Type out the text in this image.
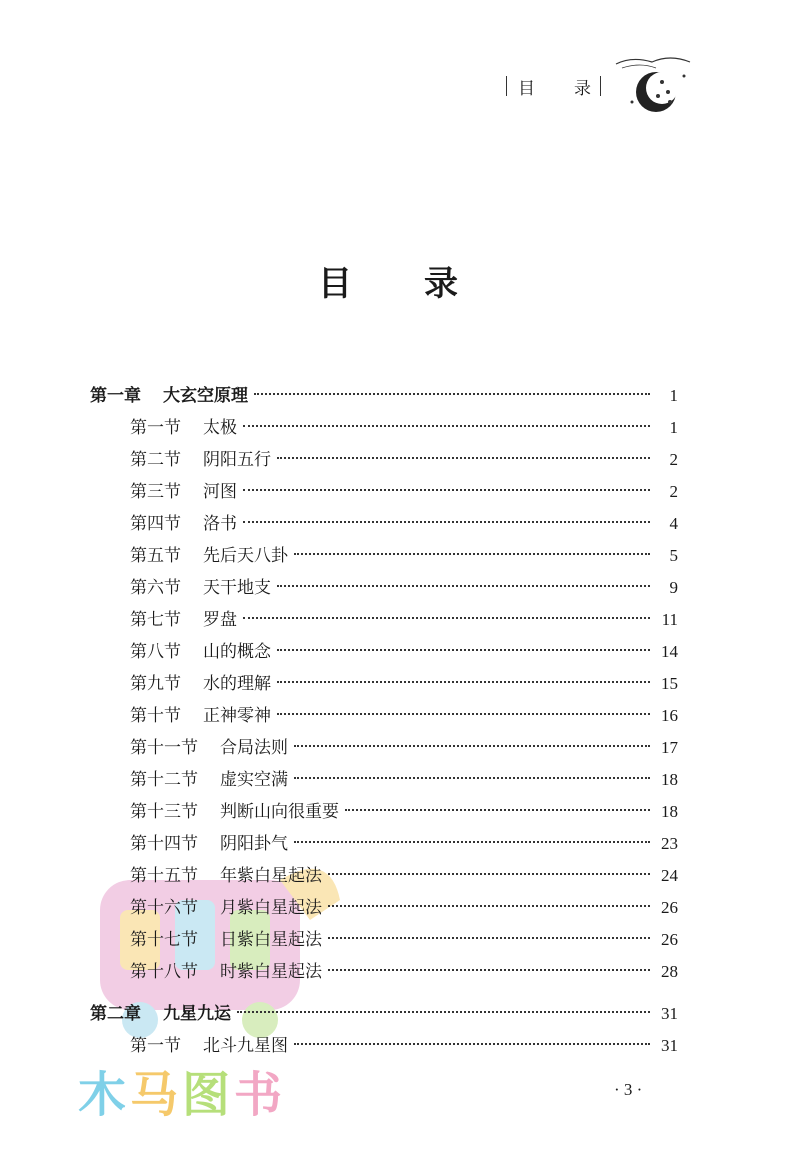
目 录
目 录
第一章 大玄空原理	1
第一节 太极	1
第二节 阴阳五行	2
第三节 河图	2
第四节 洛书	4
第五节 先后天八卦	5
第六节 天干地支	9
第七节 罗盘	11
第八节 山的概念	14
第九节 水的理解	15
第十节 正神零神	16
第十一节 合局法则	17
第十二节 虚实空满	18
第十三节 判断山向很重要	18
第十四节 阴阳卦气	23
第十五节 年紫白星起法	24
第十六节 月紫白星起法	26
第十七节 日紫白星起法	26
第十八节 时紫白星起法	28
第二章 九星九运	31
第一节 北斗九星图	31
木马图书	· 3 ·
